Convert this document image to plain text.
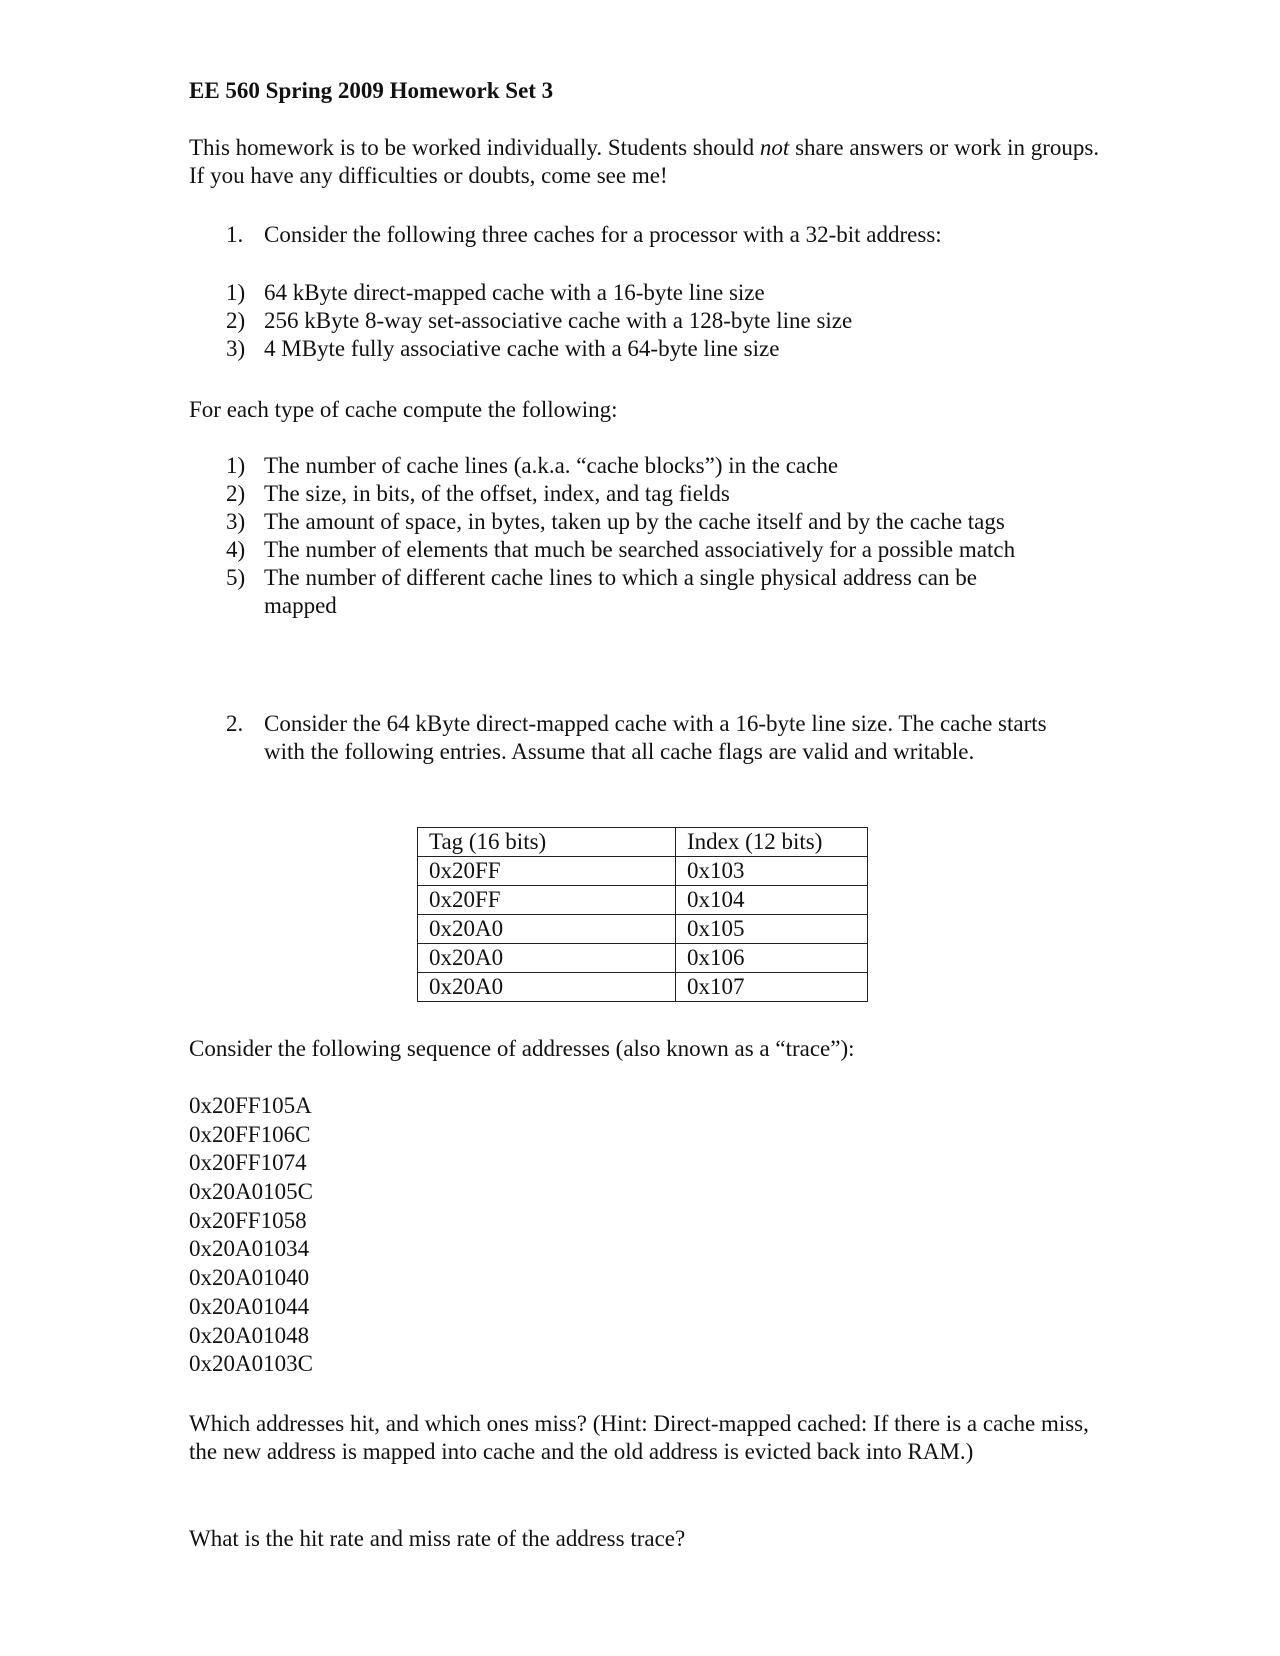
EE 560 Spring 2009 Homework Set 3
This homework is to be worked individually. Students should not share answers or work in groups. If you have any difficulties or doubts, come see me!
1. Consider the following three caches for a processor with a 32-bit address:
1) 64 kByte direct-mapped cache with a 16-byte line size
2) 256 kByte 8-way set-associative cache with a 128-byte line size
3) 4 MByte fully associative cache with a 64-byte line size
For each type of cache compute the following:
1) The number of cache lines (a.k.a. “cache blocks”) in the cache
2) The size, in bits, of the offset, index, and tag fields
3) The amount of space, in bytes, taken up by the cache itself and by the cache tags
4) The number of elements that much be searched associatively for a possible match
5) The number of different cache lines to which a single physical address can be
mapped
2. Consider the 64 kByte direct-mapped cache with a 16-byte line size. The cache starts with the following entries. Assume that all cache flags are valid and writable.
Tag (16 bits)	Index (12 bits)
0x20FF	0x103
0x20FF	0x104
0x20A0	0x105
0x20A0	0x106
0x20A0	0x107
Consider the following sequence of addresses (also known as a “trace”):
0x20FF105A
0x20FF106C
0x20FF1074
0x20A0105C
0x20FF1058
0x20A01034
0x20A01040
0x20A01044
0x20A01048
0x20A0103C
Which addresses hit, and which ones miss? (Hint: Direct-mapped cached: If there is a cache miss, the new address is mapped into cache and the old address is evicted back into RAM.)
What is the hit rate and miss rate of the address trace?
